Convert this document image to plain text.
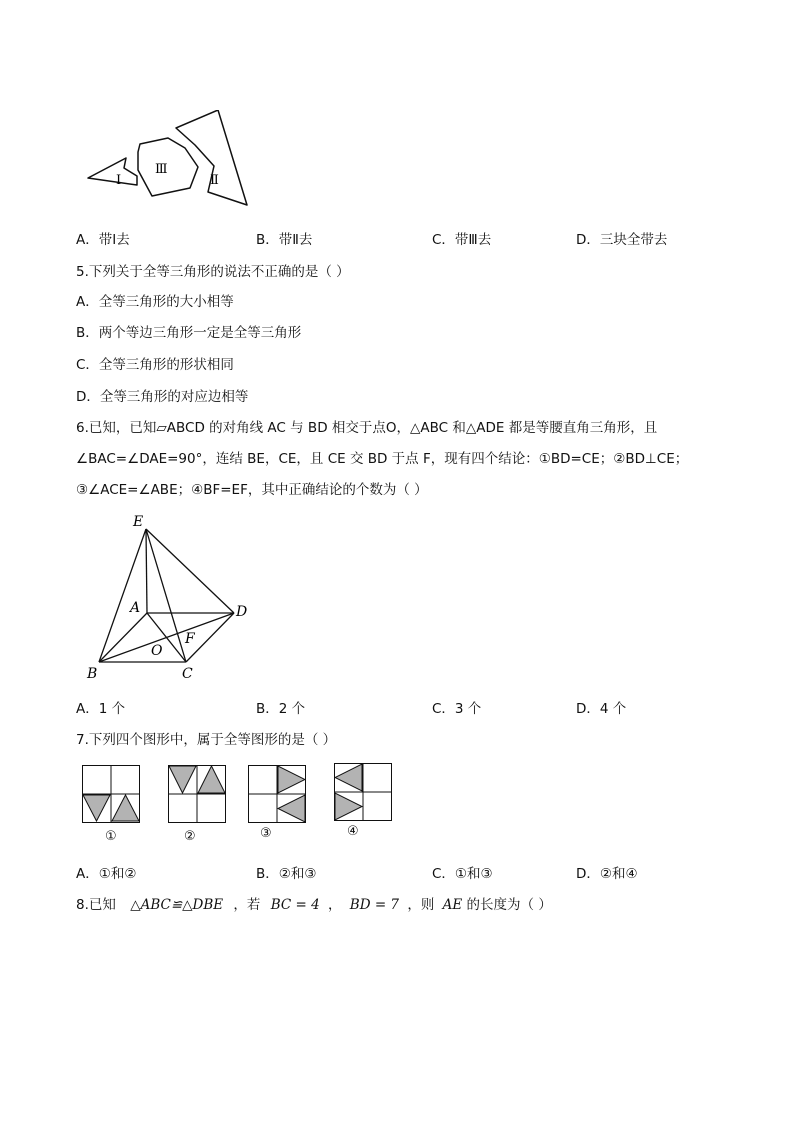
Ⅰ
Ⅲ
Ⅱ
A．带Ⅰ去	B．带Ⅱ去	C．带Ⅲ去	D．三块全带去
5.下列关于全等三角形的说法不正确的是（ ）
A．全等三角形的大小相等
B．两个等边三角形一定是全等三角形
C．全等三角形的形状相同
D．全等三角形的对应边相等
6.已知，已知▱ABCD 的对角线 AC 与 BD 相交于点O，△ABC 和△ADE 都是等腰直角三角形，且
∠BAC=∠DAE=90°，连结 BE，CE，且 CE 交 BD 于点 F，现有四个结论：①BD=CE；②BD⊥CE；
③∠ACE=∠ABE；④BF=EF，其中正确结论的个数为（ ）
E
A	D
F
O
B	C
A．1 个	B．2 个	C．3 个	D．4 个
7.下列四个图形中，属于全等图形的是（ ）
①	②	③	④
A．①和②	B．②和③	C．①和③	D．②和④
8.已知 △ABC≌△DBE ，若 BC = 4 ， BD = 7 ，则 AE 的长度为（ ）
